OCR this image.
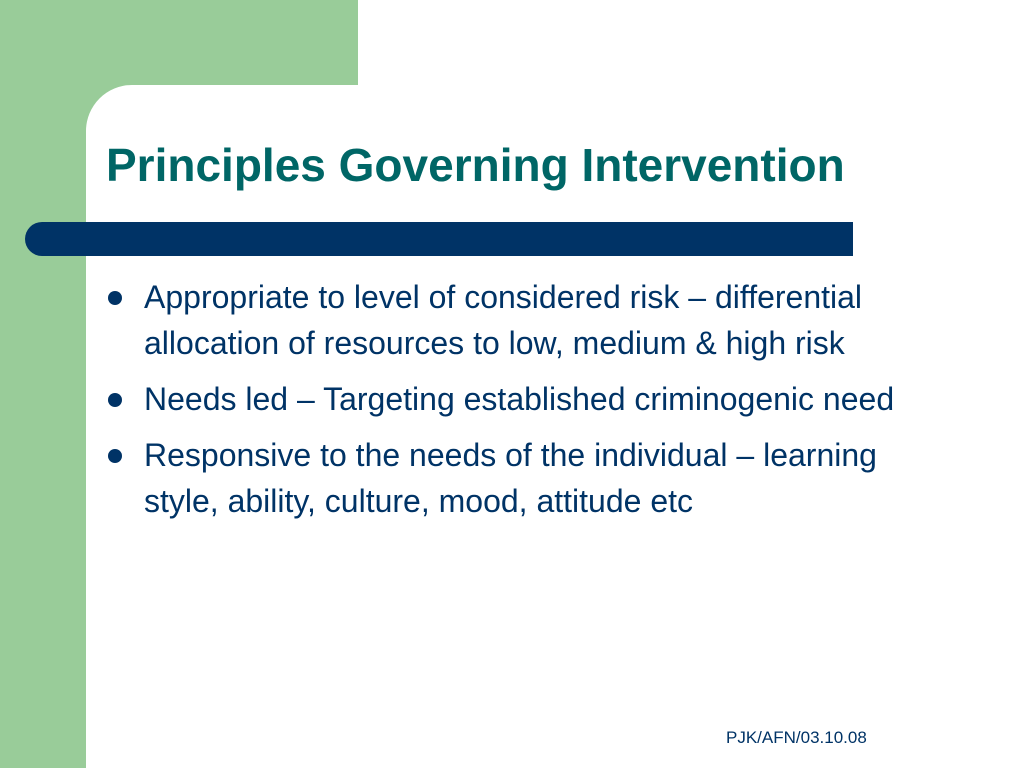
Principles Governing Intervention
Appropriate to level of considered risk – differential allocation of resources to low, medium & high risk
Needs led – Targeting established criminogenic need
Responsive to the needs of the individual – learning style, ability, culture, mood, attitude etc
PJK/AFN/03.10.08
